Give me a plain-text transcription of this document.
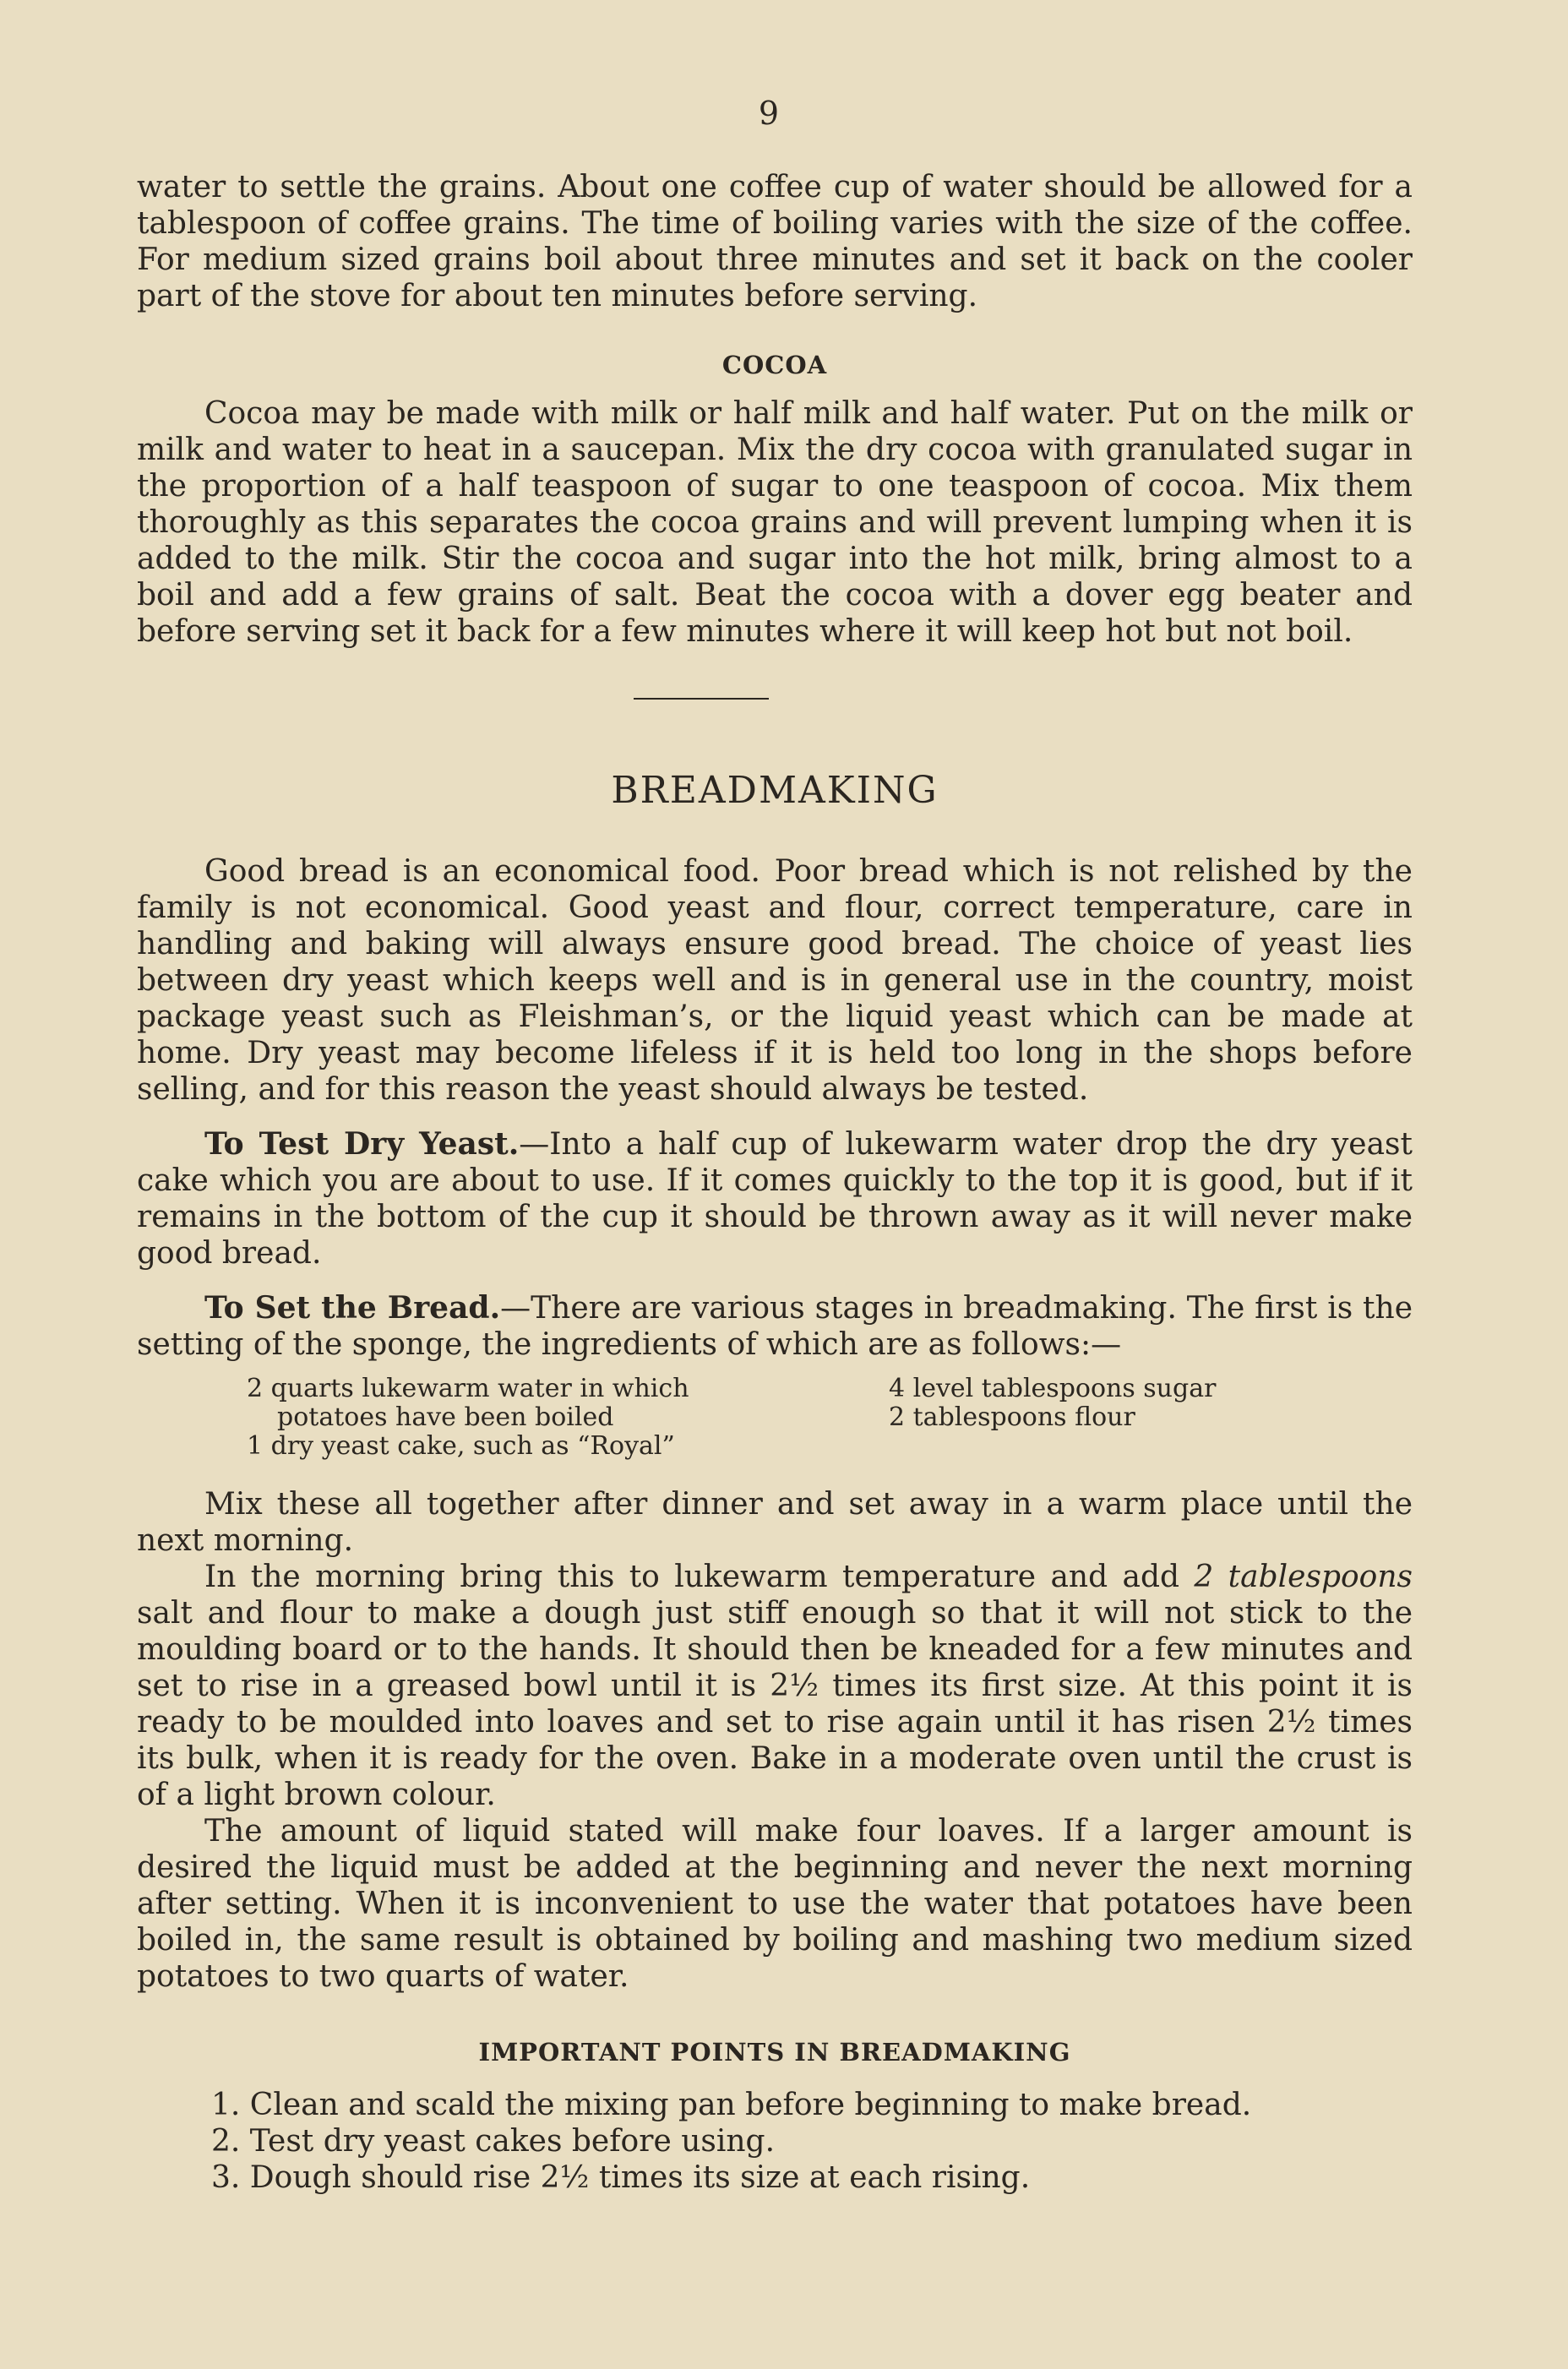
9

water to settle the grains. About one coffee cup of water should be allowed for a tablespoon of coffee grains. The time of boiling varies with the size of the coffee. For medium sized grains boil about three minutes and set it back on the cooler part of the stove for about ten minutes before serving.

COCOA

Cocoa may be made with milk or half milk and half water. Put on the milk or milk and water to heat in a saucepan. Mix the dry cocoa with granulated sugar in the proportion of a half teaspoon of sugar to one teaspoon of cocoa. Mix them thoroughly as this separates the cocoa grains and will prevent lumping when it is added to the milk. Stir the cocoa and sugar into the hot milk, bring almost to a boil and add a few grains of salt. Beat the cocoa with a dover egg beater and before serving set it back for a few minutes where it will keep hot but not boil.

BREADMAKING

Good bread is an economical food. Poor bread which is not relished by the family is not economical. Good yeast and flour, correct temperature, care in handling and baking will always ensure good bread. The choice of yeast lies between dry yeast which keeps well and is in general use in the country, moist package yeast such as Fleishman’s, or the liquid yeast which can be made at home. Dry yeast may become lifeless if it is held too long in the shops before selling, and for this reason the yeast should always be tested.

To Test Dry Yeast.—Into a half cup of lukewarm water drop the dry yeast cake which you are about to use. If it comes quickly to the top it is good, but if it remains in the bottom of the cup it should be thrown away as it will never make good bread.

To Set the Bread.—There are various stages in breadmaking. The first is the setting of the sponge, the ingredients of which are as follows:—

2 quarts lukewarm water in which
potatoes have been boiled
1 dry yeast cake, such as “Royal”
4 level tablespoons sugar
2 tablespoons flour

Mix these all together after dinner and set away in a warm place until the next morning.

In the morning bring this to lukewarm temperature and add 2 tablespoons salt and flour to make a dough just stiff enough so that it will not stick to the moulding board or to the hands. It should then be kneaded for a few minutes and set to rise in a greased bowl until it is 2½ times its first size. At this point it is ready to be moulded into loaves and set to rise again until it has risen 2½ times its bulk, when it is ready for the oven. Bake in a moderate oven until the crust is of a light brown colour.

The amount of liquid stated will make four loaves. If a larger amount is desired the liquid must be added at the beginning and never the next morning after setting. When it is inconvenient to use the water that potatoes have been boiled in, the same result is obtained by boiling and mashing two medium sized potatoes to two quarts of water.

IMPORTANT POINTS IN BREADMAKING
1. Clean and scald the mixing pan before beginning to make bread.
2. Test dry yeast cakes before using.
3. Dough should rise 2½ times its size at each rising.
